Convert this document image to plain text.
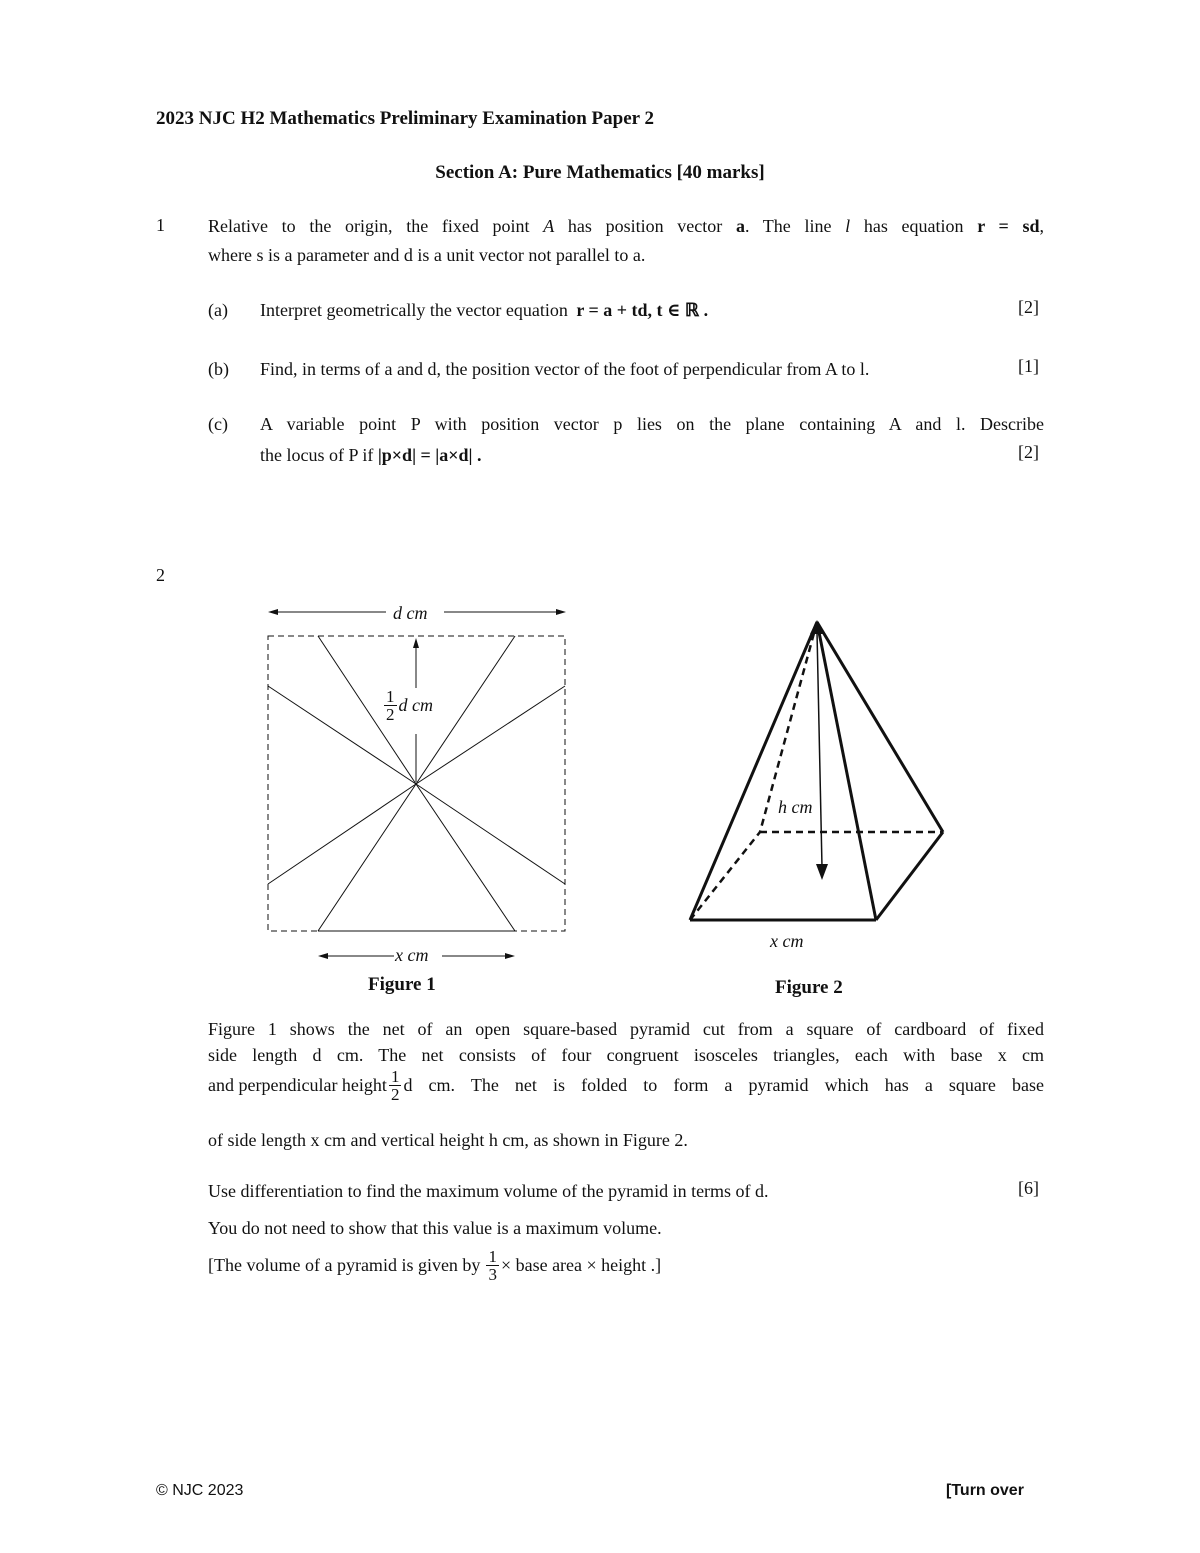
2023 NJC H2 Mathematics Preliminary Examination Paper 2
Section A: Pure Mathematics [40 marks]
1 Relative to the origin, the fixed point A has position vector a. The line l has equation r = sd,
where s is a parameter and d is a unit vector not parallel to a.
(a) Interpret geometrically the vector equation r = a + td, t ∈ ℝ .	[2]
(b) Find, in terms of a and d, the position vector of the foot of perpendicular from A to l.	[1]
(c) A variable point P with position vector p lies on the plane containing A and l. Describe
the locus of P if |p×d| = |a×d| .	[2]
2
d cm
$\frac{1}{2}$ d cm
x cm
Figure 1
h cm
x cm
Figure 2
Figure 1 shows the net of an open square-based pyramid cut from a square of cardboard of fixed
side length d cm. The net consists of four congruent isosceles triangles, each with base x cm
and perpendicular height $\frac{1}{2}$ d cm. The net is folded to form a pyramid which has a square base
of side length x cm and vertical height h cm, as shown in Figure 2.
Use differentiation to find the maximum volume of the pyramid in terms of d.	[6]
You do not need to show that this value is a maximum volume.
[The volume of a pyramid is given by $\frac{1}{3}$ × base area × height .]
© NJC 2023	[Turn over
